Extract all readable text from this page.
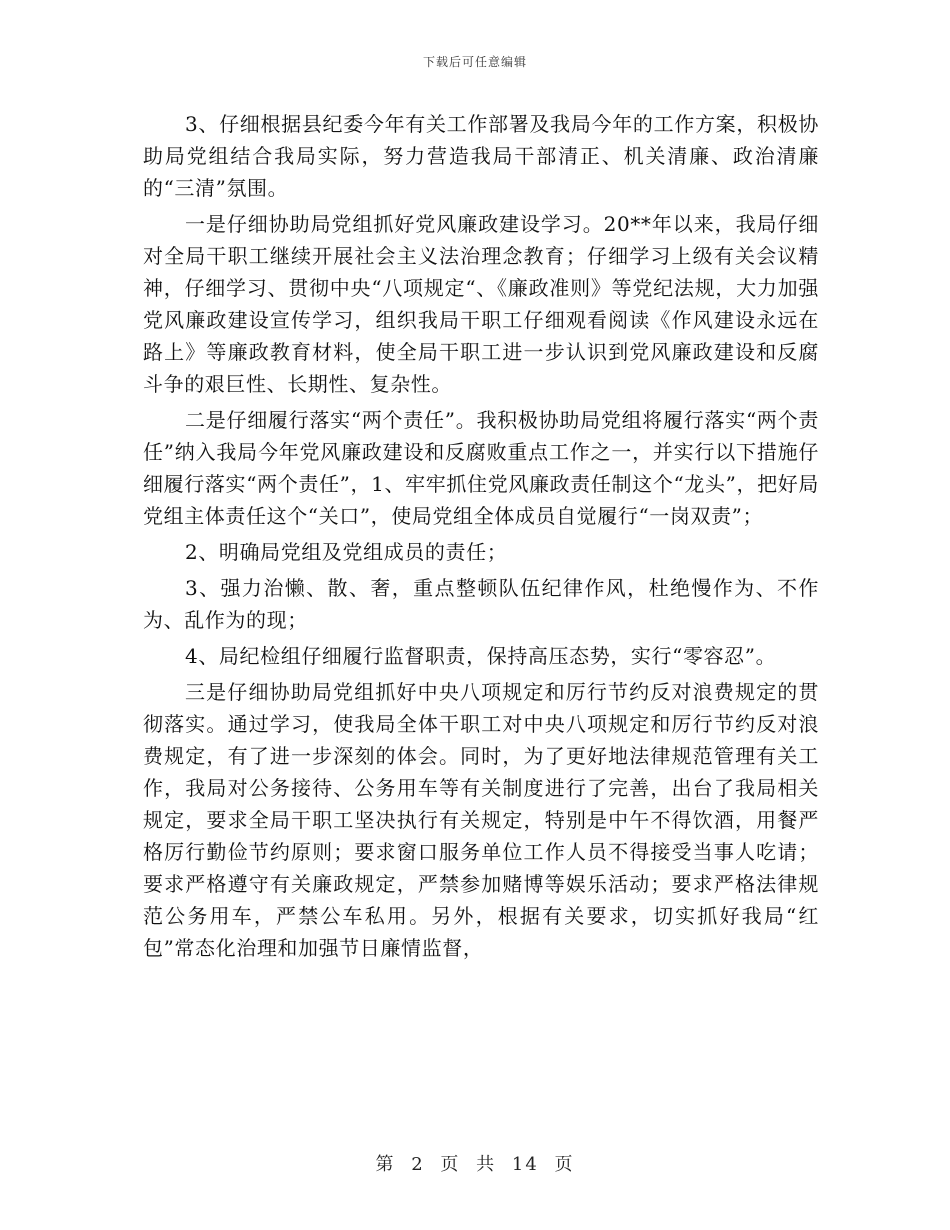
下载后可任意编辑

3、仔细根据县纪委今年有关工作部署及我局今年的工作方案，积极协助局党组结合我局实际，努力营造我局干部清正、机关清廉、政治清廉的“三清”氛围。

一是仔细协助局党组抓好党风廉政建设学习。20**年以来，我局仔细对全局干职工继续开展社会主义法治理念教育；仔细学习上级有关会议精神，仔细学习、贯彻中央“八项规定“、《廉政准则》等党纪法规，大力加强党风廉政建设宣传学习，组织我局干职工仔细观看阅读《作风建设永远在路上》等廉政教育材料，使全局干职工进一步认识到党风廉政建设和反腐斗争的艰巨性、长期性、复杂性。

二是仔细履行落实“两个责任”。我积极协助局党组将履行落实“两个责任”纳入我局今年党风廉政建设和反腐败重点工作之一，并实行以下措施仔细履行落实“两个责任”，1、牢牢抓住党风廉政责任制这个“龙头”，把好局党组主体责任这个“关口”，使局党组全体成员自觉履行“一岗双责”；

2、明确局党组及党组成员的责任；

3、强力治懒、散、奢，重点整顿队伍纪律作风，杜绝慢作为、不作为、乱作为的现；

4、局纪检组仔细履行监督职责，保持高压态势，实行“零容忍”。

三是仔细协助局党组抓好中央八项规定和厉行节约反对浪费规定的贯彻落实。通过学习，使我局全体干职工对中央八项规定和厉行节约反对浪费规定，有了进一步深刻的体会。同时，为了更好地法律规范管理有关工作，我局对公务接待、公务用车等有关制度进行了完善，出台了我局相关规定，要求全局干职工坚决执行有关规定，特别是中午不得饮酒，用餐严格厉行勤俭节约原则；要求窗口服务单位工作人员不得接受当事人吃请；要求严格遵守有关廉政规定，严禁参加赌博等娱乐活动；要求严格法律规范公务用车，严禁公车私用。另外，根据有关要求，切实抓好我局“红包”常态化治理和加强节日廉情监督，

第 2 页 共 14 页
